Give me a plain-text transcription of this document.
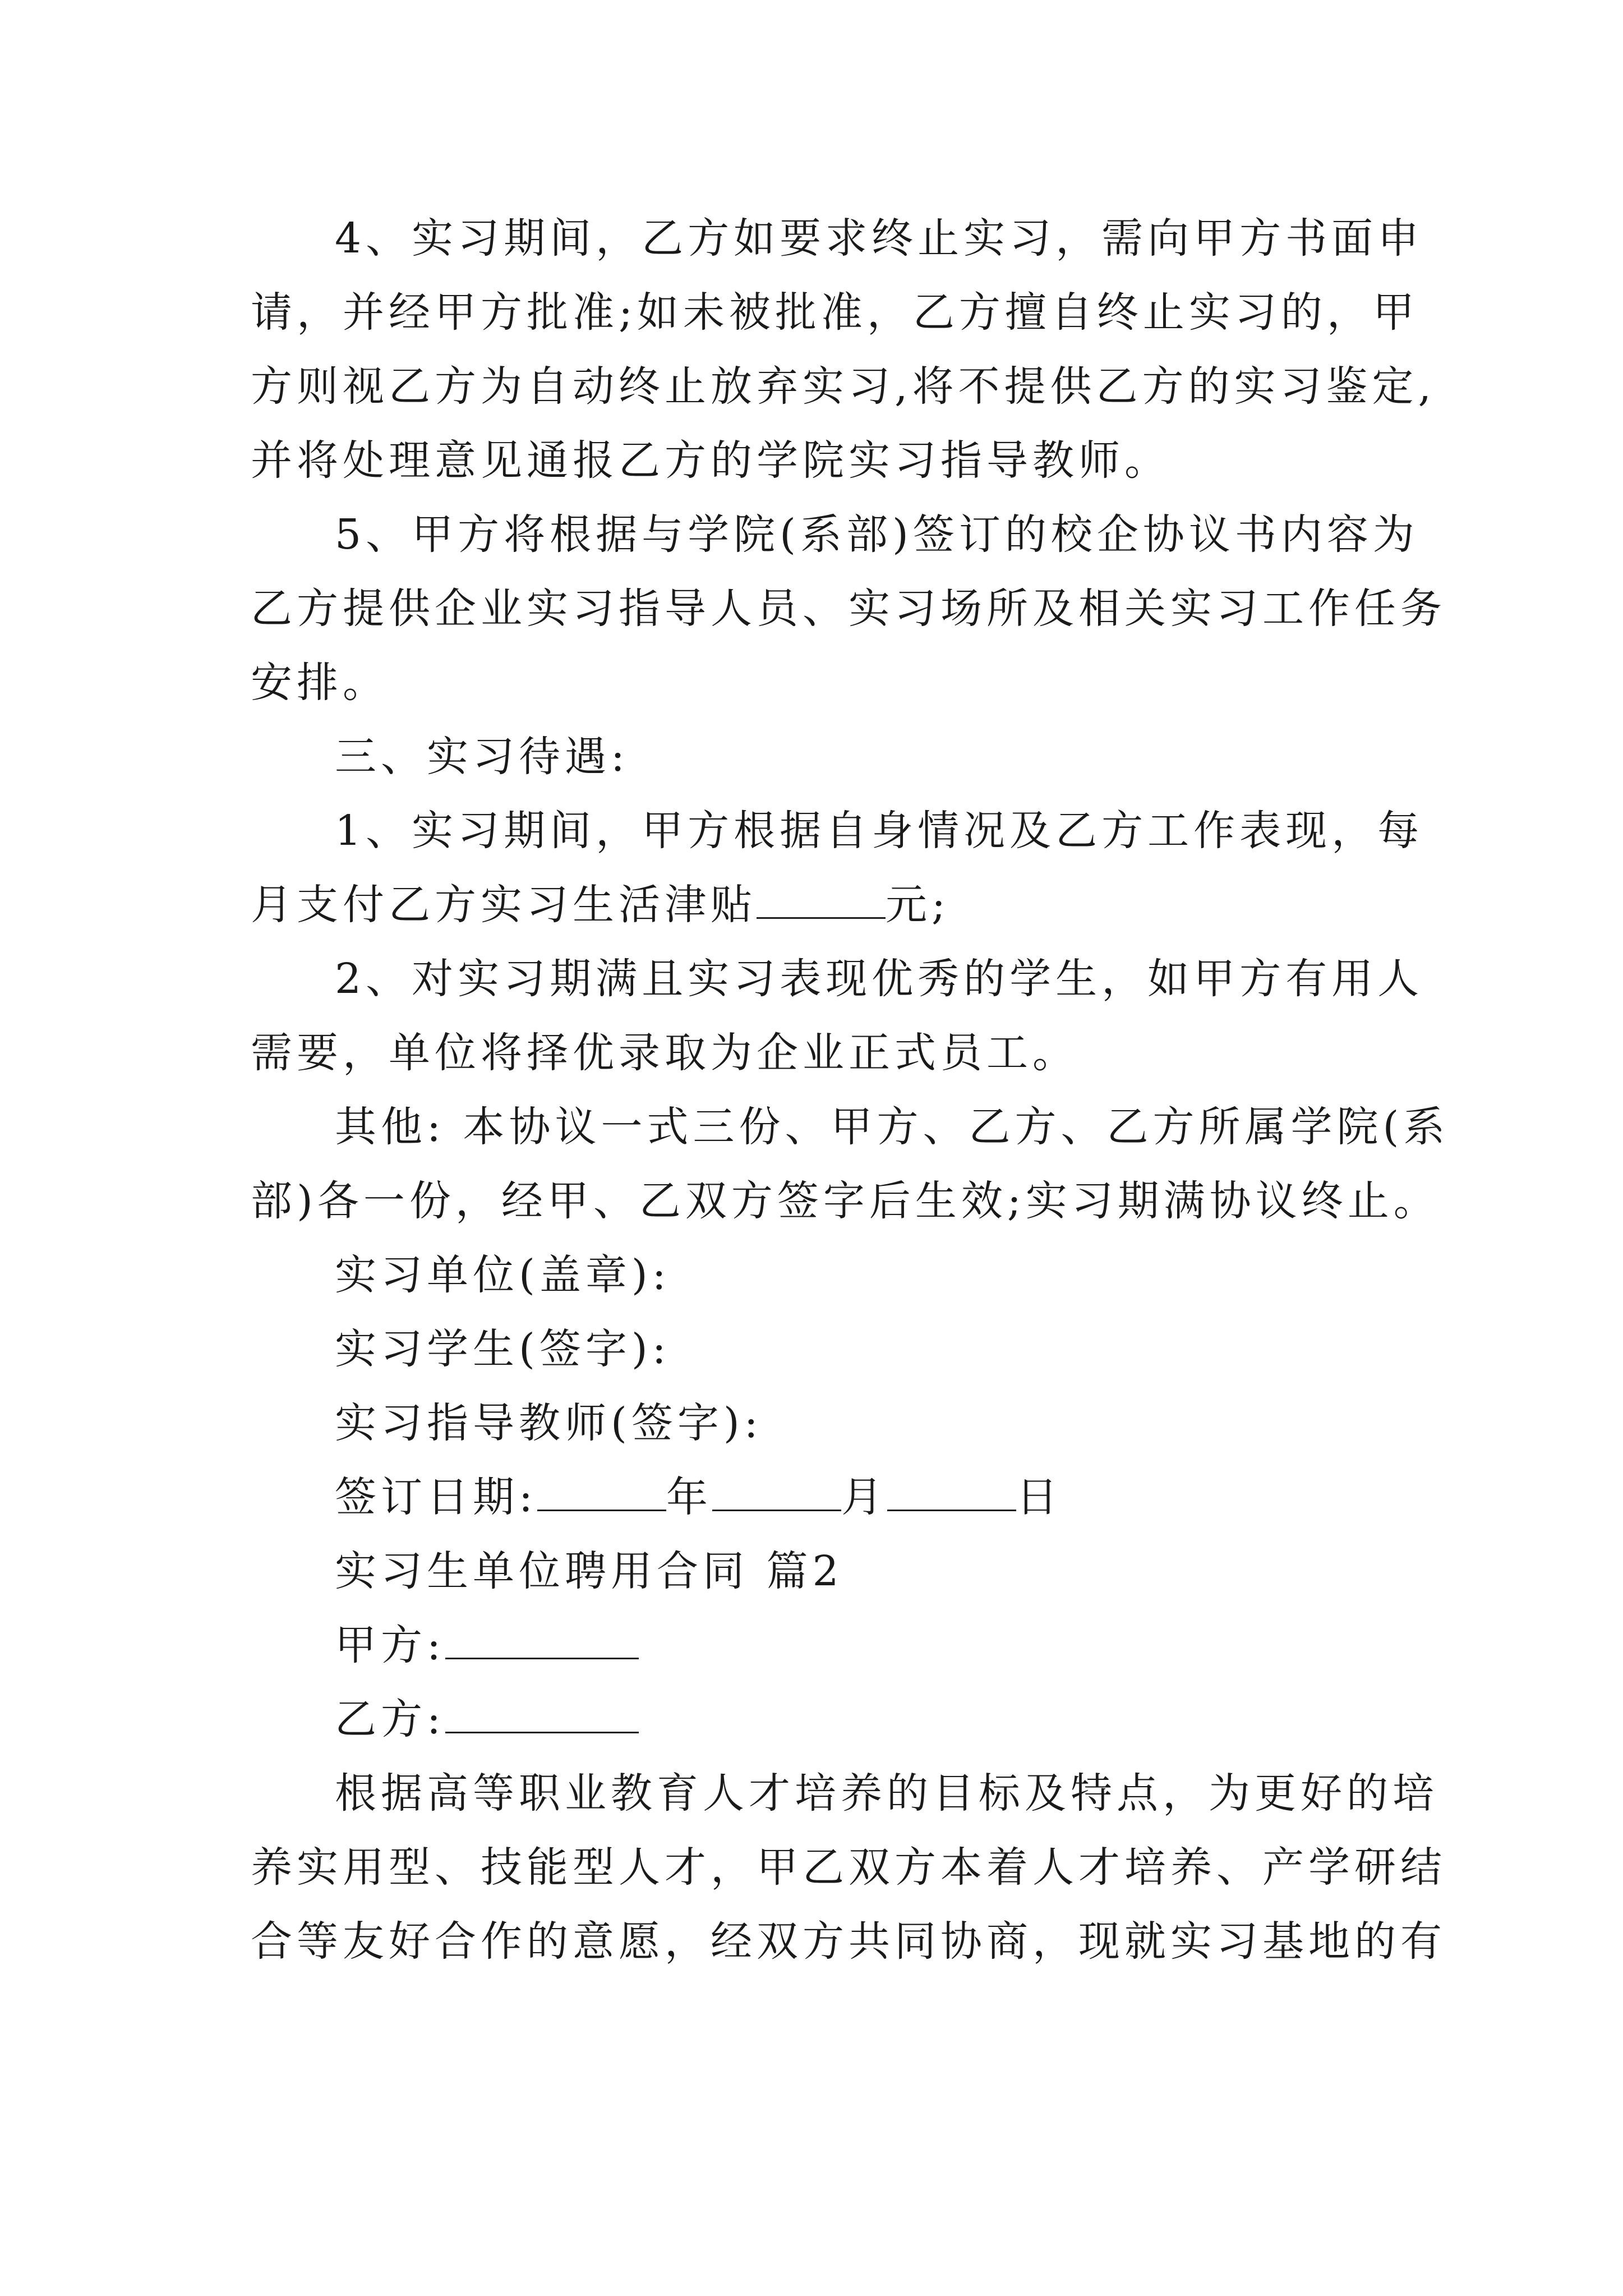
4、实习期间，乙方如要求终止实习，需向甲方书面申
请，并经甲方批准;如未被批准，乙方擅自终止实习的，甲
方则视乙方为自动终止放弃实习,将不提供乙方的实习鉴定,
并将处理意见通报乙方的学院实习指导教师。
5、甲方将根据与学院(系部)签订的校企协议书内容为
乙方提供企业实习指导人员、实习场所及相关实习工作任务
安排。
三、实习待遇:
1、实习期间，甲方根据自身情况及乙方工作表现，每
月支付乙方实习生活津贴	元;
2、对实习期满且实习表现优秀的学生，如甲方有用人
需要，单位将择优录取为企业正式员工。
其他: 本协议一式三份、甲方、乙方、乙方所属学院(系
部)各一份，经甲、乙双方签字后生效;实习期满协议终止。
实习单位(盖章):
实习学生(签字):
实习指导教师(签字):
签订日期:	年	月	日
实习生单位聘用合同 篇2
甲方:
乙方:
根据高等职业教育人才培养的目标及特点，为更好的培
养实用型、技能型人才，甲乙双方本着人才培养、产学研结
合等友好合作的意愿，经双方共同协商，现就实习基地的有
